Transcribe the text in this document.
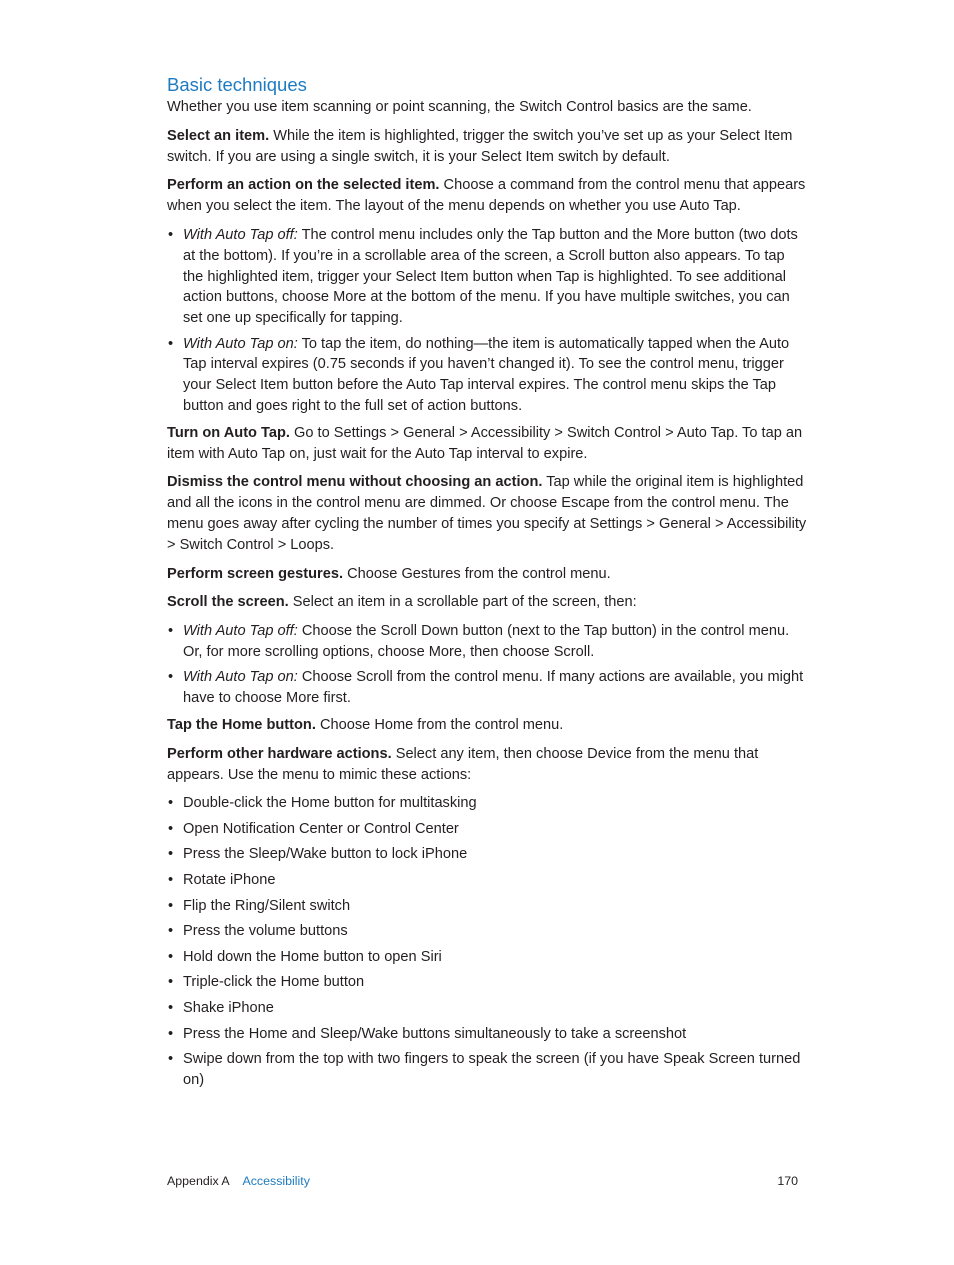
Basic techniques

Whether you use item scanning or point scanning, the Switch Control basics are the same.

Select an item. While the item is highlighted, trigger the switch you’ve set up as your Select Item switch. If you are using a single switch, it is your Select Item switch by default.

Perform an action on the selected item. Choose a command from the control menu that appears when you select the item. The layout of the menu depends on whether you use Auto Tap.

• With Auto Tap off: The control menu includes only the Tap button and the More button (two dots at the bottom). If you’re in a scrollable area of the screen, a Scroll button also appears. To tap the highlighted item, trigger your Select Item button when Tap is highlighted. To see additional action buttons, choose More at the bottom of the menu. If you have multiple switches, you can set one up specifically for tapping.
• With Auto Tap on: To tap the item, do nothing—the item is automatically tapped when the Auto Tap interval expires (0.75 seconds if you haven’t changed it). To see the control menu, trigger your Select Item button before the Auto Tap interval expires. The control menu skips the Tap button and goes right to the full set of action buttons.

Turn on Auto Tap. Go to Settings > General > Accessibility > Switch Control > Auto Tap. To tap an item with Auto Tap on, just wait for the Auto Tap interval to expire.

Dismiss the control menu without choosing an action. Tap while the original item is highlighted and all the icons in the control menu are dimmed. Or choose Escape from the control menu. The menu goes away after cycling the number of times you specify at Settings > General > Accessibility > Switch Control > Loops.

Perform screen gestures. Choose Gestures from the control menu.

Scroll the screen. Select an item in a scrollable part of the screen, then:

• With Auto Tap off: Choose the Scroll Down button (next to the Tap button) in the control menu. Or, for more scrolling options, choose More, then choose Scroll.
• With Auto Tap on: Choose Scroll from the control menu. If many actions are available, you might have to choose More first.

Tap the Home button. Choose Home from the control menu.

Perform other hardware actions. Select any item, then choose Device from the menu that appears. Use the menu to mimic these actions:

• Double-click the Home button for multitasking
• Open Notification Center or Control Center
• Press the Sleep/Wake button to lock iPhone
• Rotate iPhone
• Flip the Ring/Silent switch
• Press the volume buttons
• Hold down the Home button to open Siri
• Triple-click the Home button
• Shake iPhone
• Press the Home and Sleep/Wake buttons simultaneously to take a screenshot
• Swipe down from the top with two fingers to speak the screen (if you have Speak Screen turned on)
Appendix A Accessibility	170
